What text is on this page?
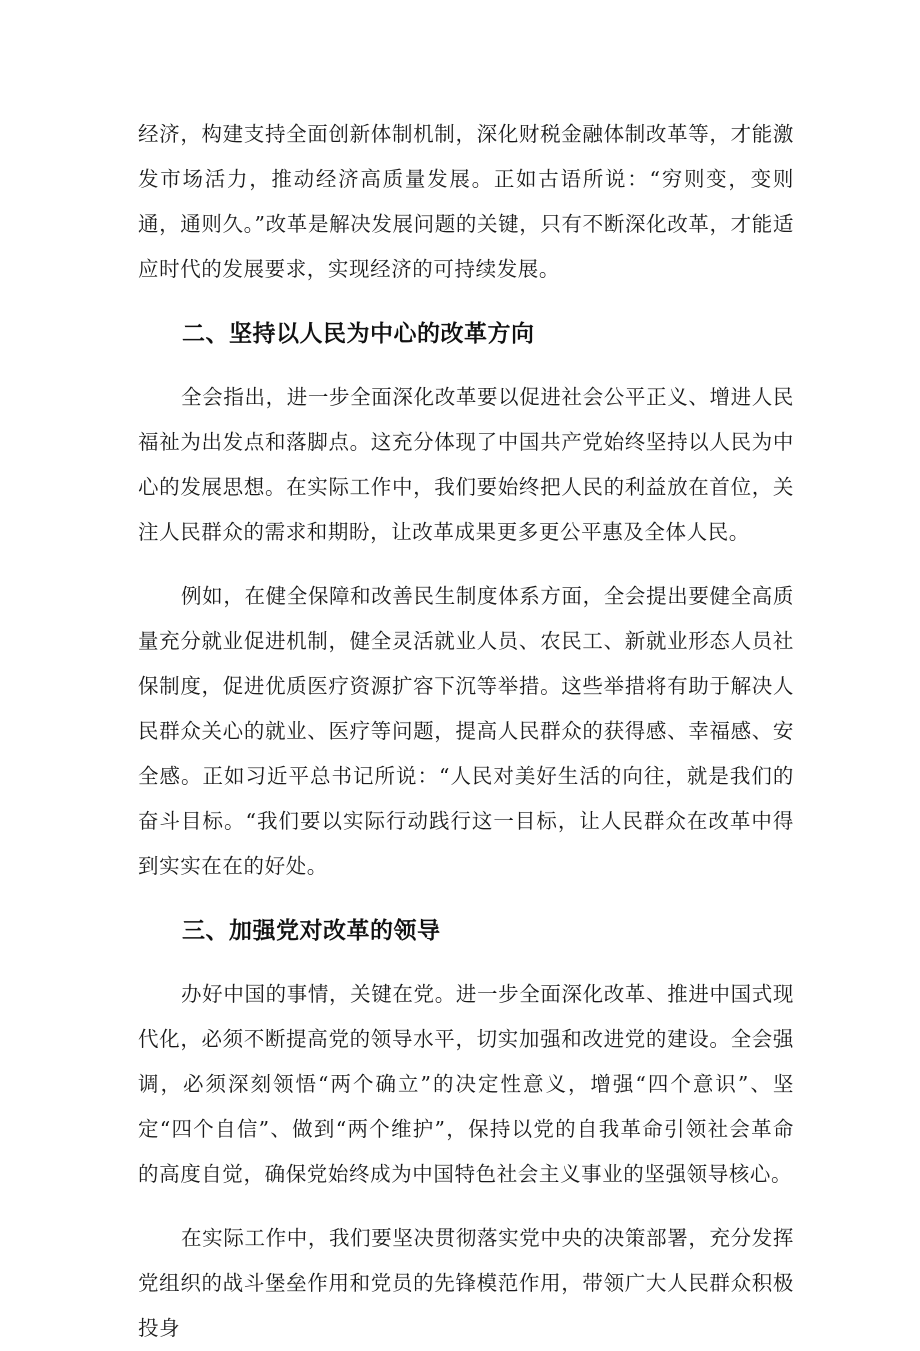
经济，构建支持全面创新体制机制，深化财税金融体制改革等，才能激发市场活力，推动经济高质量发展。正如古语所说：“穷则变，变则通，通则久。”改革是解决发展问题的关键，只有不断深化改革，才能适应时代的发展要求，实现经济的可持续发展。

二、坚持以人民为中心的改革方向

全会指出，进一步全面深化改革要以促进社会公平正义、增进人民福祉为出发点和落脚点。这充分体现了中国共产党始终坚持以人民为中心的发展思想。在实际工作中，我们要始终把人民的利益放在首位，关注人民群众的需求和期盼，让改革成果更多更公平惠及全体人民。

例如，在健全保障和改善民生制度体系方面，全会提出要健全高质量充分就业促进机制，健全灵活就业人员、农民工、新就业形态人员社保制度，促进优质医疗资源扩容下沉等举措。这些举措将有助于解决人民群众关心的就业、医疗等问题，提高人民群众的获得感、幸福感、安全感。正如习近平总书记所说：“人民对美好生活的向往，就是我们的奋斗目标。“我们要以实际行动践行这一目标，让人民群众在改革中得到实实在在的好处。

三、加强党对改革的领导

办好中国的事情，关键在党。进一步全面深化改革、推进中国式现代化，必须不断提高党的领导水平，切实加强和改进党的建设。全会强调，必须深刻领悟“两个确立”的决定性意义，增强“四个意识”、坚定“四个自信”、做到“两个维护”，保持以党的自我革命引领社会革命的高度自觉，确保党始终成为中国特色社会主义事业的坚强领导核心。

在实际工作中，我们要坚决贯彻落实党中央的决策部署，充分发挥党组织的战斗堡垒作用和党员的先锋模范作用，带领广大人民群众积极投身
